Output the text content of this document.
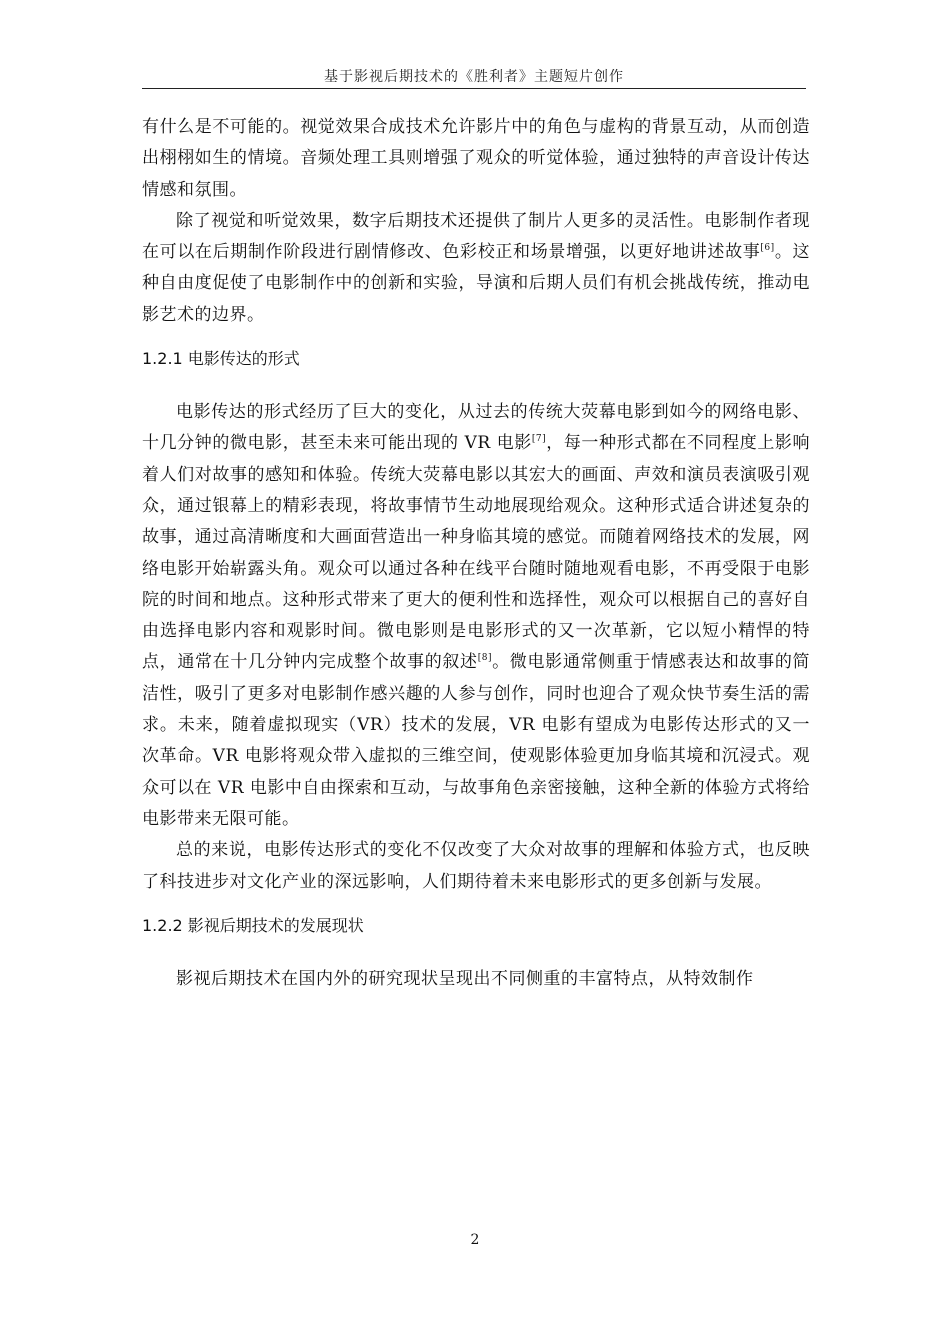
基于影视后期技术的《胜利者》主题短片创作

有什么是不可能的。视觉效果合成技术允许影片中的角色与虚构的背景互动，从而创造出栩栩如生的情境。音频处理工具则增强了观众的听觉体验，通过独特的声音设计传达情感和氛围。

除了视觉和听觉效果，数字后期技术还提供了制片人更多的灵活性。电影制作者现在可以在后期制作阶段进行剧情修改、色彩校正和场景增强，以更好地讲述故事[6]。这种自由度促使了电影制作中的创新和实验，导演和后期人员们有机会挑战传统，推动电影艺术的边界。

1.2.1 电影传达的形式

电影传达的形式经历了巨大的变化，从过去的传统大荧幕电影到如今的网络电影、十几分钟的微电影，甚至未来可能出现的 VR 电影[7]，每一种形式都在不同程度上影响着人们对故事的感知和体验。传统大荧幕电影以其宏大的画面、声效和演员表演吸引观众，通过银幕上的精彩表现，将故事情节生动地展现给观众。这种形式适合讲述复杂的故事，通过高清晰度和大画面营造出一种身临其境的感觉。而随着网络技术的发展，网络电影开始崭露头角。观众可以通过各种在线平台随时随地观看电影，不再受限于电影院的时间和地点。这种形式带来了更大的便利性和选择性，观众可以根据自己的喜好自由选择电影内容和观影时间。微电影则是电影形式的又一次革新，它以短小精悍的特点，通常在十几分钟内完成整个故事的叙述[8]。微电影通常侧重于情感表达和故事的简洁性，吸引了更多对电影制作感兴趣的人参与创作，同时也迎合了观众快节奏生活的需求。未来，随着虚拟现实（VR）技术的发展，VR 电影有望成为电影传达形式的又一次革命。VR 电影将观众带入虚拟的三维空间，使观影体验更加身临其境和沉浸式。观众可以在 VR 电影中自由探索和互动，与故事角色亲密接触，这种全新的体验方式将给电影带来无限可能。

总的来说，电影传达形式的变化不仅改变了大众对故事的理解和体验方式，也反映了科技进步对文化产业的深远影响，人们期待着未来电影形式的更多创新与发展。

1.2.2 影视后期技术的发展现状

影视后期技术在国内外的研究现状呈现出不同侧重的丰富特点，从特效制作

2
